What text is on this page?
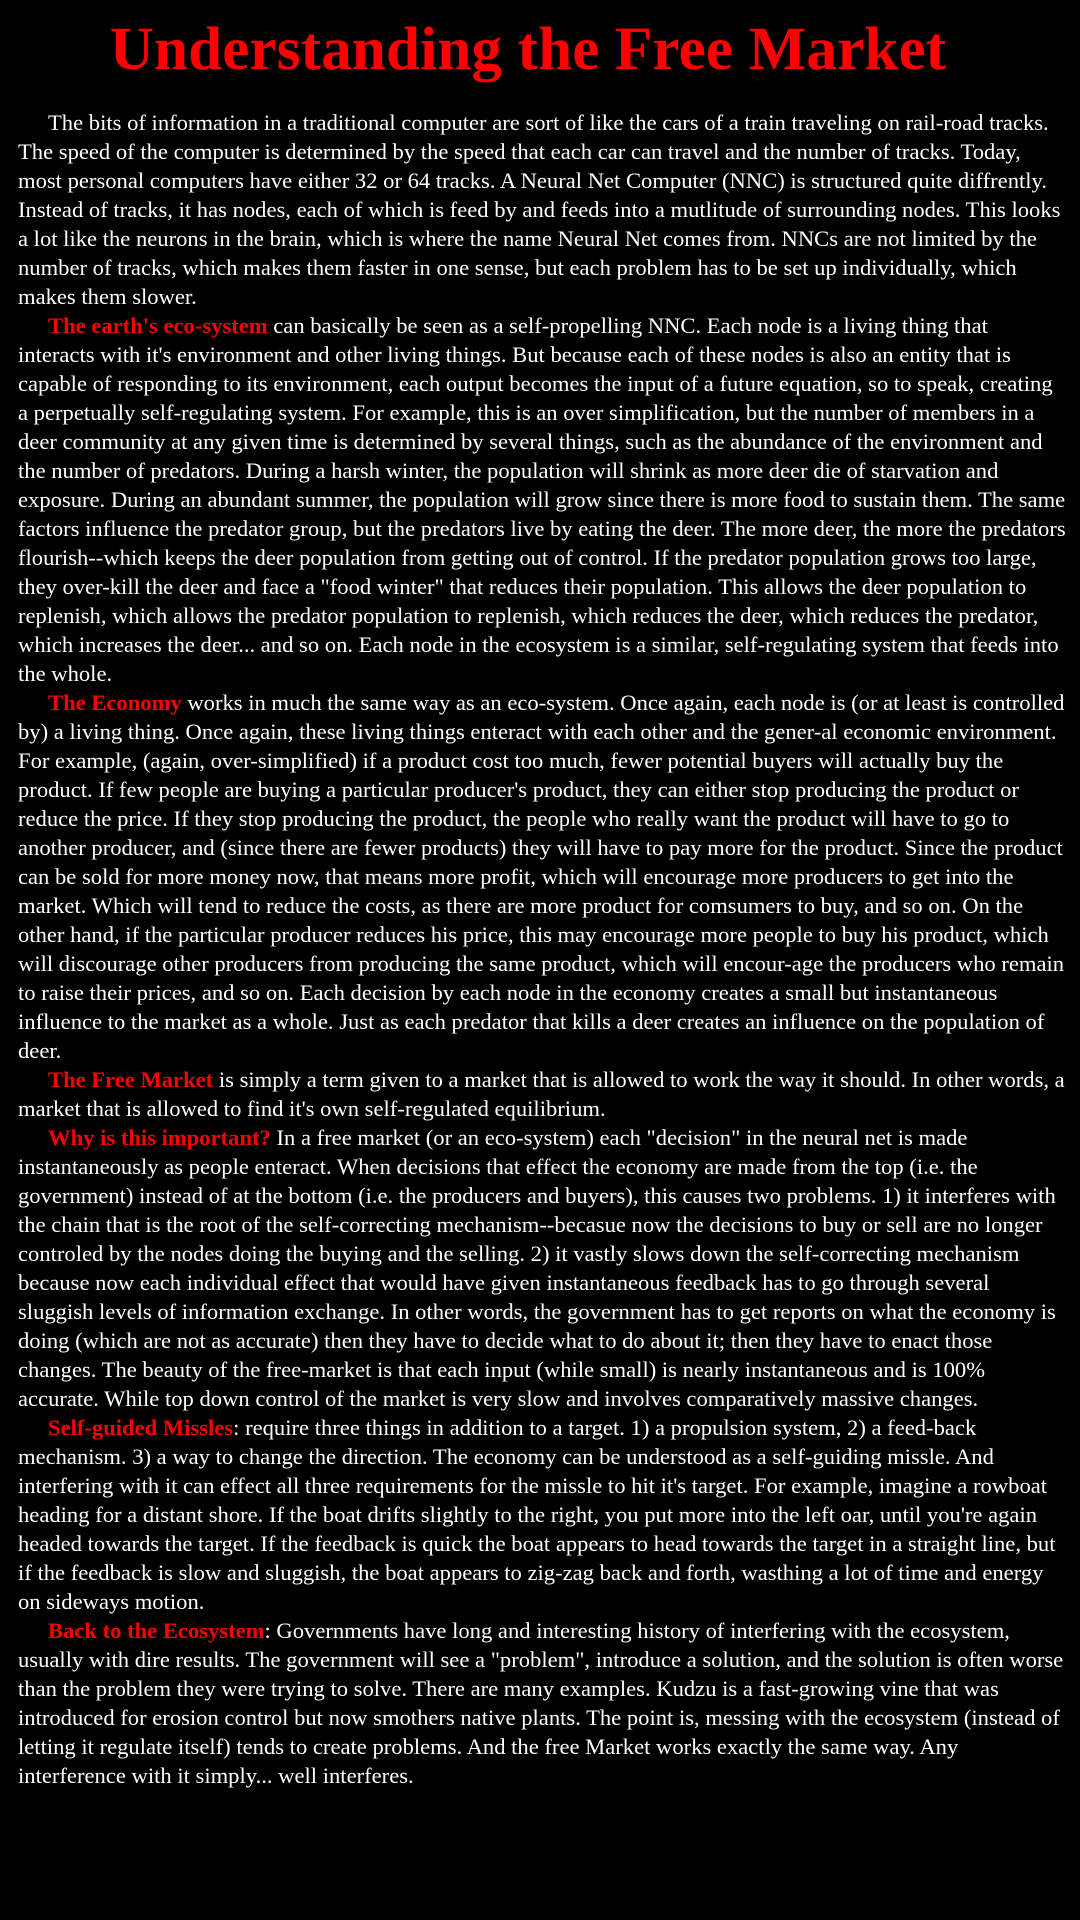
Understanding the Free Market

The bits of information in a traditional computer are sort of like the cars of a train traveling on rail-road tracks. The speed of the computer is determined by the speed that each car can travel and the number of tracks. Today, most personal computers have either 32 or 64 tracks. A Neural Net Computer (NNC) is structured quite diffrently. Instead of tracks, it has nodes, each of which is feed by and feeds into a mutlitude of surrounding nodes. This looks a lot like the neurons in the brain, which is where the name Neural Net comes from. NNCs are not limited by the number of tracks, which makes them faster in one sense, but each problem has to be set up individually, which makes them slower.

The earth's eco-system can basically be seen as a self-propelling NNC. Each node is a living thing that interacts with it's environment and other living things. But because each of these nodes is also an entity that is capable of responding to its environment, each output becomes the input of a future equation, so to speak, creating a perpetually self-regulating system. For example, this is an over simplification, but the number of members in a deer community at any given time is determined by several things, such as the abundance of the environment and the number of predators. During a harsh winter, the population will shrink as more deer die of starvation and exposure. During an abundant summer, the population will grow since there is more food to sustain them. The same factors influence the predator group, but the predators live by eating the deer. The more deer, the more the predators flourish--which keeps the deer population from getting out of control. If the predator population grows too large, they over-kill the deer and face a "food winter" that reduces their population. This allows the deer population to replenish, which allows the predator population to replenish, which reduces the deer, which reduces the predator, which increases the deer... and so on. Each node in the ecosystem is a similar, self-regulating system that feeds into the whole.

The Economy works in much the same way as an eco-system. Once again, each node is (or at least is controlled by) a living thing. Once again, these living things enteract with each other and the gener-al economic environment. For example, (again, over-simplified) if a product cost too much, fewer potential buyers will actually buy the product. If few people are buying a particular producer's product, they can either stop producing the product or reduce the price. If they stop producing the product, the people who really want the product will have to go to another producer, and (since there are fewer products) they will have to pay more for the product. Since the product can be sold for more money now, that means more profit, which will encourage more producers to get into the market. Which will tend to reduce the costs, as there are more product for comsumers to buy, and so on. On the other hand, if the particular producer reduces his price, this may encourage more people to buy his product, which will discourage other producers from producing the same product, which will encour-age the producers who remain to raise their prices, and so on. Each decision by each node in the economy creates a small but instantaneous influence to the market as a whole. Just as each predator that kills a deer creates an influence on the population of deer.

The Free Market is simply a term given to a market that is allowed to work the way it should. In other words, a market that is allowed to find it's own self-regulated equilibrium.

Why is this important? In a free market (or an eco-system) each "decision" in the neural net is made instantaneously as people enteract. When decisions that effect the economy are made from the top (i.e. the government) instead of at the bottom (i.e. the producers and buyers), this causes two problems. 1) it interferes with the chain that is the root of the self-correcting mechanism--becasue now the decisions to buy or sell are no longer controled by the nodes doing the buying and the selling. 2) it vastly slows down the self-correcting mechanism because now each individual effect that would have given instantaneous feedback has to go through several sluggish levels of information exchange. In other words, the government has to get reports on what the economy is doing (which are not as accurate) then they have to decide what to do about it; then they have to enact those changes. The beauty of the free-market is that each input (while small) is nearly instantaneous and is 100% accurate. While top down control of the market is very slow and involves comparatively massive changes.

Self-guided Missles: require three things in addition to a target. 1) a propulsion system, 2) a feed-back mechanism. 3) a way to change the direction. The economy can be understood as a self-guiding missle. And interfering with it can effect all three requirements for the missle to hit it's target. For example, imagine a rowboat heading for a distant shore. If the boat drifts slightly to the right, you put more into the left oar, until you're again headed towards the target. If the feedback is quick the boat appears to head towards the target in a straight line, but if the feedback is slow and sluggish, the boat appears to zig-zag back and forth, wasthing a lot of time and energy on sideways motion.

Back to the Ecosystem: Governments have long and interesting history of interfering with the ecosystem, usually with dire results. The government will see a "problem", introduce a solution, and the solution is often worse than the problem they were trying to solve. There are many examples. Kudzu is a fast-growing vine that was introduced for erosion control but now smothers native plants. The point is, messing with the ecosystem (instead of letting it regulate itself) tends to create problems. And the free Market works exactly the same way. Any interference with it simply... well interferes.
